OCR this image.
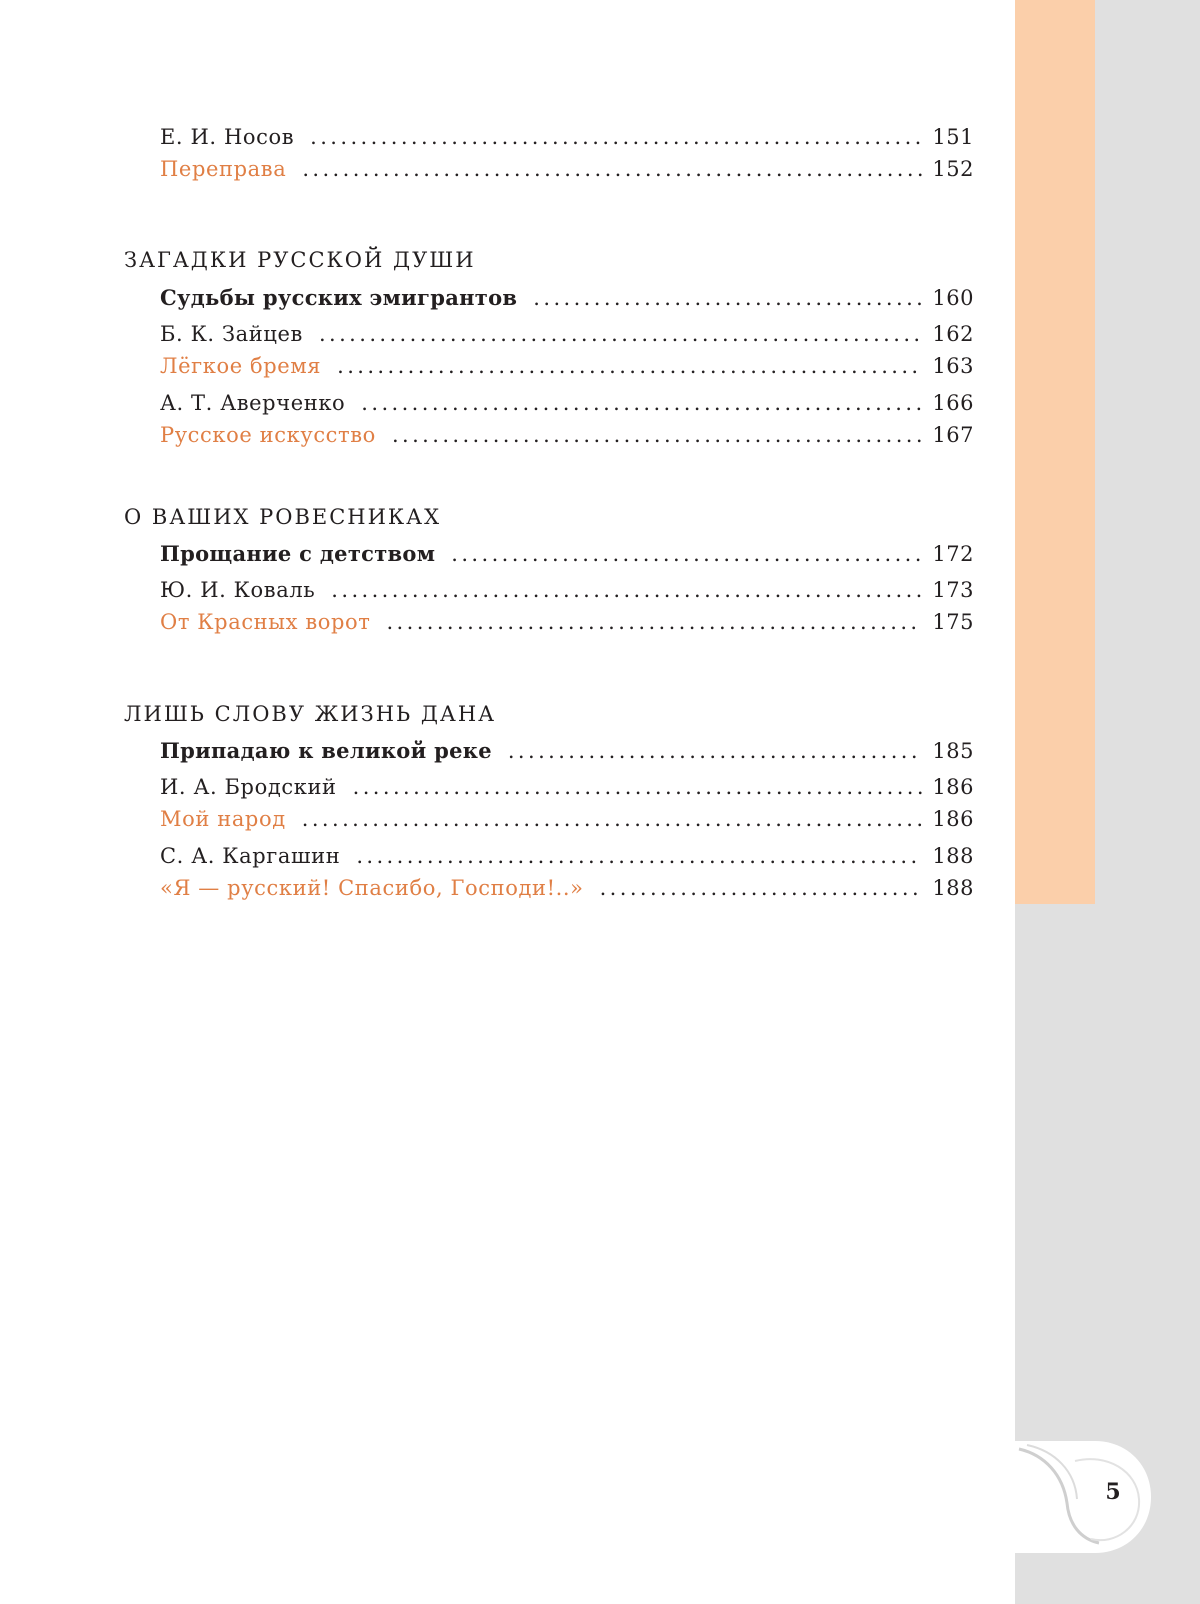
5
Е. И. Носов .....	151
Переправа .....	152
ЗАГАДКИ РУССКОЙ ДУШИ
Судьбы русских эмигрантов .....	160
Б. К. Зайцев .....	162
Лёгкое бремя .....	163
А. Т. Аверченко .....	166
Русское искусство .....	167
О ВАШИХ РОВЕСНИКАХ
Прощание с детством .....	172
Ю. И. Коваль .....	173
От Красных ворот .....	175
ЛИШЬ СЛОВУ ЖИЗНЬ ДАНА
Припадаю к великой реке .....	185
И. А. Бродский .....	186
Мой народ .....	186
С. А. Каргашин .....	188
«Я — русский! Спасибо, Господи!..» .....	188
